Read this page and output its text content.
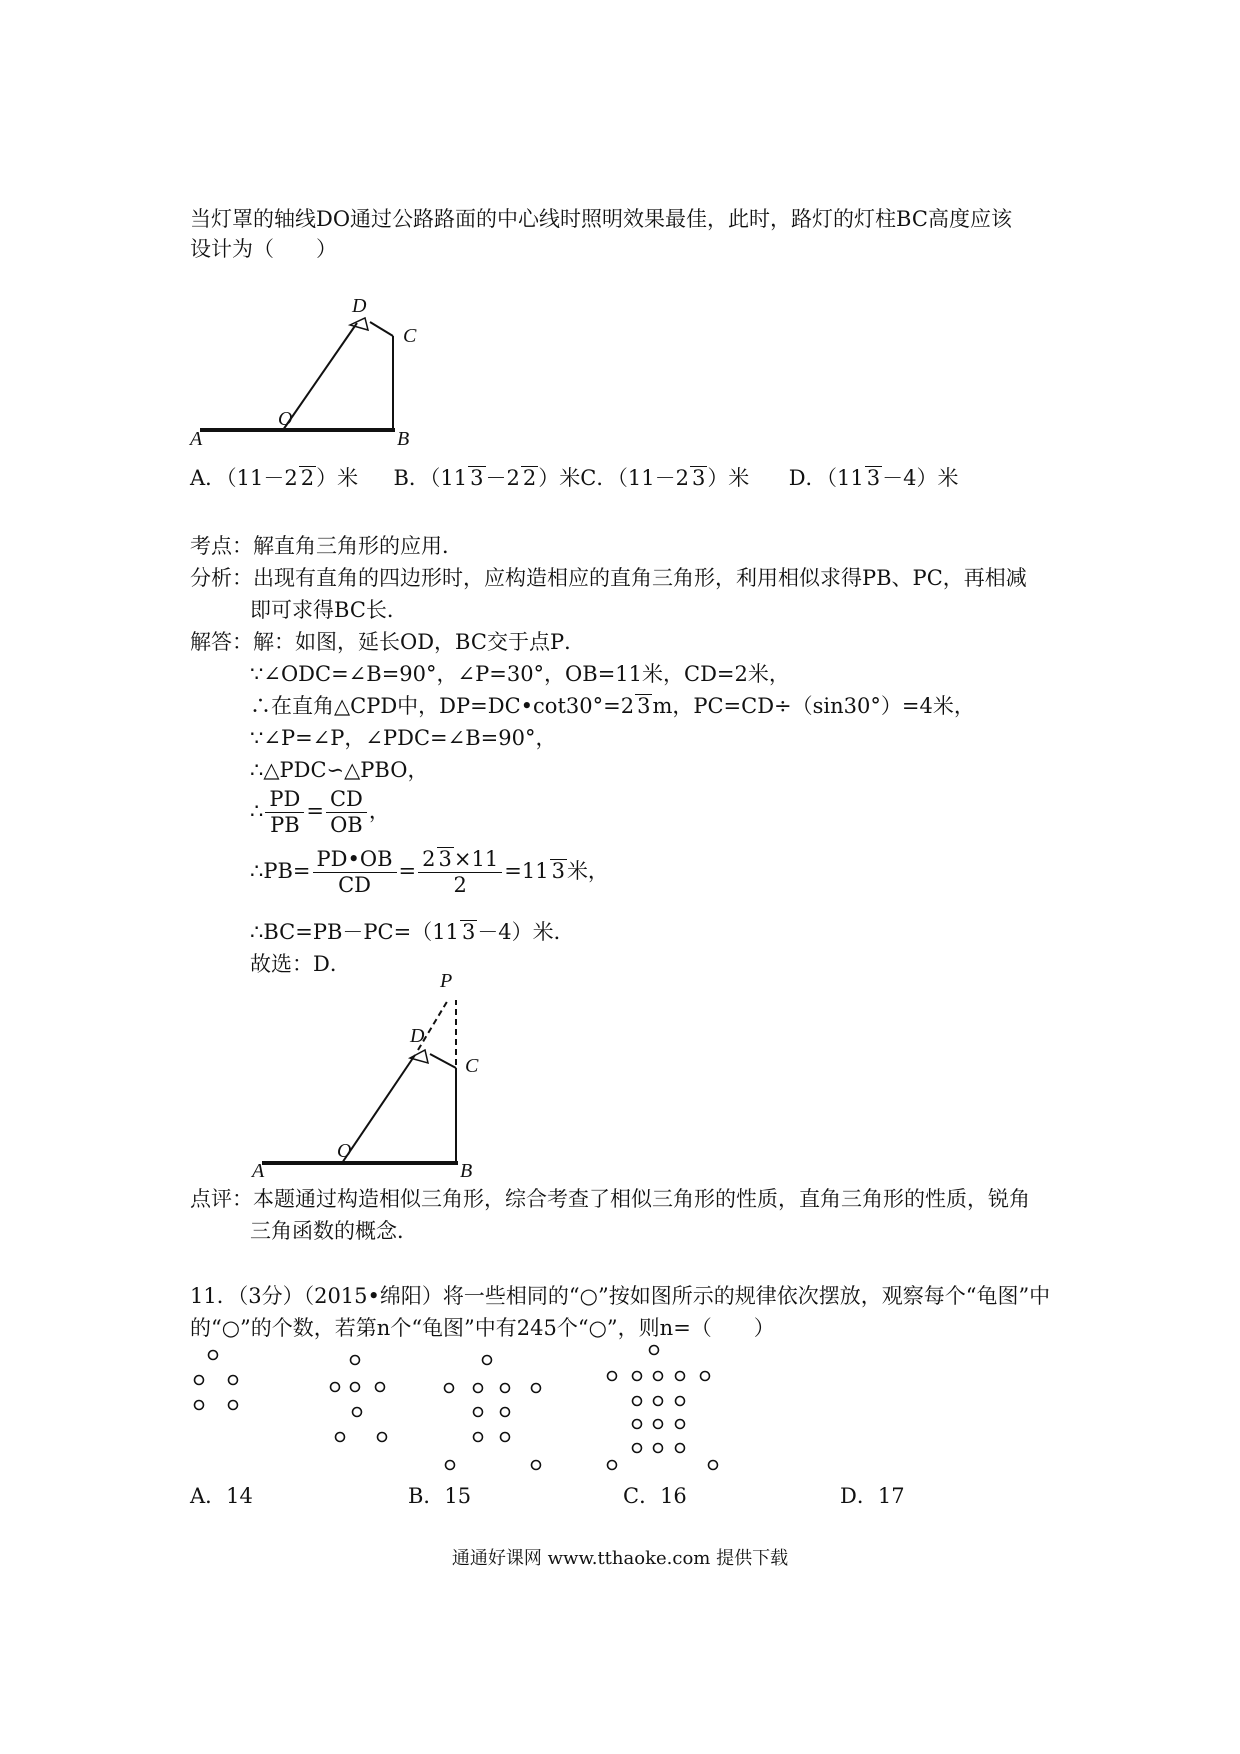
当灯罩的轴线DO通过公路路面的中心线时照明效果最佳，此时，路灯的灯柱BC高度应该
设计为（　　）
D
C
O
A	B
A．（11－2 2）米 B．（11 3－2 2）米C．（11－2 3）米 D．（11 3－4）米
考点：解直角三角形的应用．
分析：出现有直角的四边形时，应构造相应的直角三角形，利用相似求得PB、PC，再相减
即可求得BC长．
解答：解：如图，延长OD，BC交于点P．
∵∠ODC=∠B=90°，∠P=30°，OB=11米，CD=2米，
∴在直角△CPD中，DP=DC•cot30°=2 3m，PC=CD÷（sin30°）=4米，
∵∠P=∠P，∠PDC=∠B=90°，
∴△PDC∽△PBO，
∴ $\frac{PD}{PB} = \frac{CD}{OB}$ ，
∴PB= $\frac{PD•OB}{CD} = \frac{2 3\times 11}{2} =11$ 3米，
∴BC=PB－PC=（11 3－4）米．
故选：D．
P
D
C
O
A	B
点评：本题通过构造相似三角形，综合考查了相似三角形的性质，直角三角形的性质，锐角
三角函数的概念．
11．（3分）（2015•绵阳）将一些相同的“○”按如图所示的规律依次摆放，观察每个“龟图”中
的“○”的个数，若第n个“龟图”中有245个“○”，则n=（　　）
A．14	B．15	C．16	D．17
通通好课网 www.tthaoke.com 提供下载
